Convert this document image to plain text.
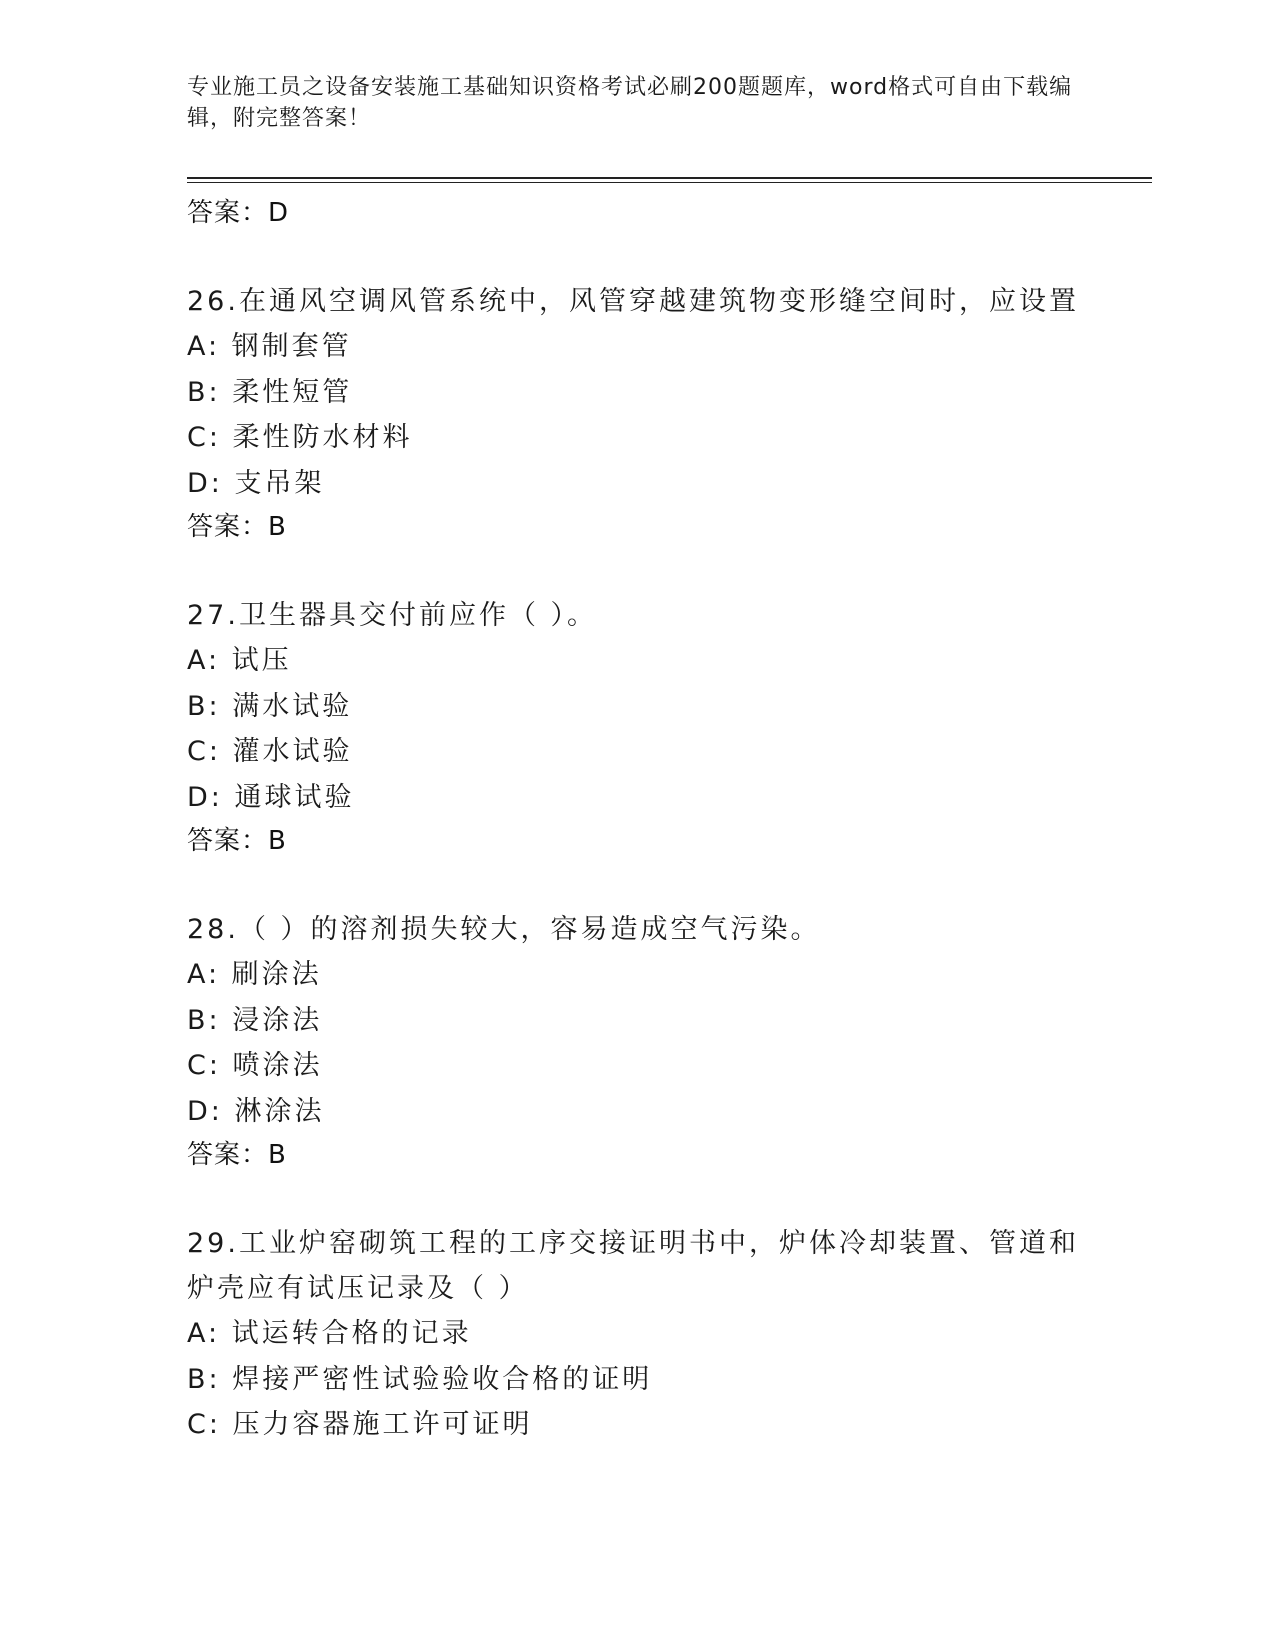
专业施工员之设备安装施工基础知识资格考试必刷200题题库，word格式可自由下载编辑，附完整答案！
答案：D
26.在通风空调风管系统中，风管穿越建筑物变形缝空间时，应设置
A: 钢制套管
B: 柔性短管
C: 柔性防水材料
D: 支吊架
答案：B
27.卫生器具交付前应作（ ）。
A: 试压
B: 满水试验
C: 灌水试验
D: 通球试验
答案：B
28.（ ）的溶剂损失较大，容易造成空气污染。
A: 刷涂法
B: 浸涂法
C: 喷涂法
D: 淋涂法
答案：B
29.工业炉窑砌筑工程的工序交接证明书中，炉体冷却装置、管道和炉壳应有试压记录及（ ）
A: 试运转合格的记录
B: 焊接严密性试验验收合格的证明
C: 压力容器施工许可证明
